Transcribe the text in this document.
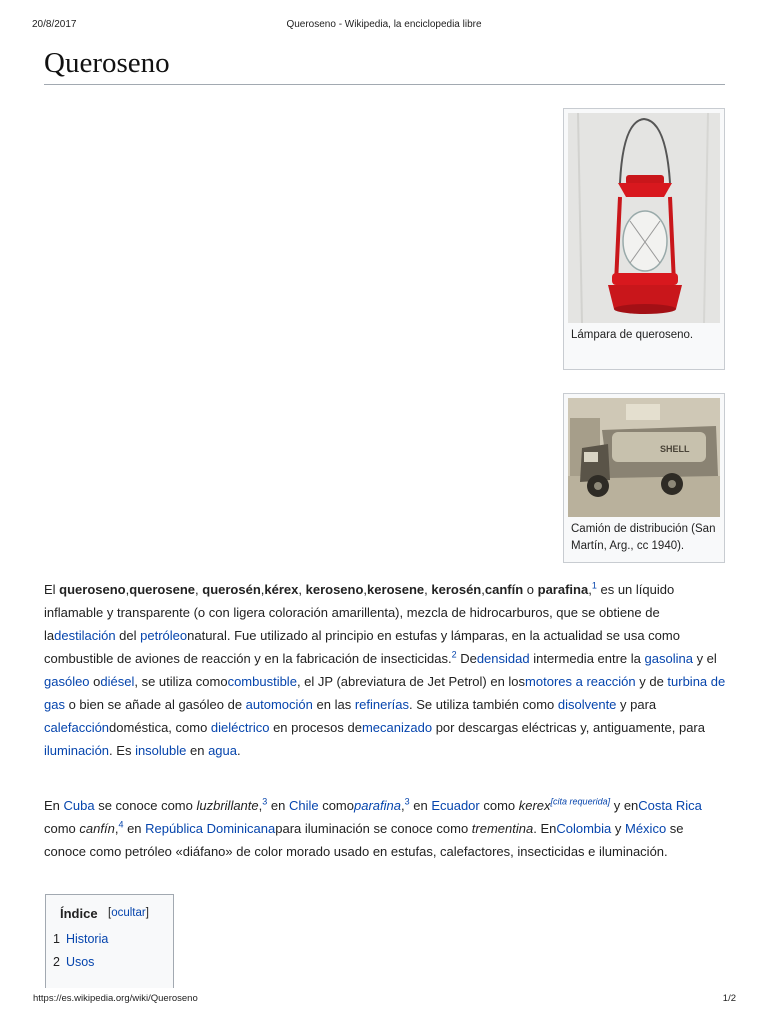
20/8/2017	Queroseno - Wikipedia, la enciclopedia libre
Queroseno
Lámpara de queroseno.
SHELL
Camión de distribución (San Martín, Arg., cc 1940).
El queroseno,querosene, querosén,kérex, keroseno,kerosene, kerosén,canfín o parafina,$^1$ es un líquido inflamable y transparente (o con ligera coloración amarillenta), mezcla de hidrocarburos, que se obtiene de ladestilación del petróleonatural. Fue utilizado al principio en estufas y lámparas, en la actualidad se usa como combustible de aviones de reacción y en la fabricación de insecticidas.$^2$ Dedensidad intermedia entre la gasolina y el gasóleo odiésel, se utiliza comocombustible, el JP (abreviatura de Jet Petrol) en losmotores a reacción y de turbina de gas o bien se añade al gasóleo de automoción en las refinerías. Se utiliza también como disolvente y para calefaccióndoméstica, como dieléctrico en procesos demecanizado por descargas eléctricas y, antiguamente, para iluminación. Es insoluble en agua.
En Cuba se conoce como luzbrillante,$^3$ en Chile comoparafina,$^3$ en Ecuador como kerex[cita requerida] y enCosta Rica como canfín,$^4$ en República Dominicanapara iluminación se conoce como trementina. EnColombia y México se conoce como petróleo «diáfano» de color morado usado en estufas, calefactores, insecticidas e iluminación.
Índice [ocultar]
1 Historia
2 Usos
https://es.wikipedia.org/wiki/Queroseno	1/2
